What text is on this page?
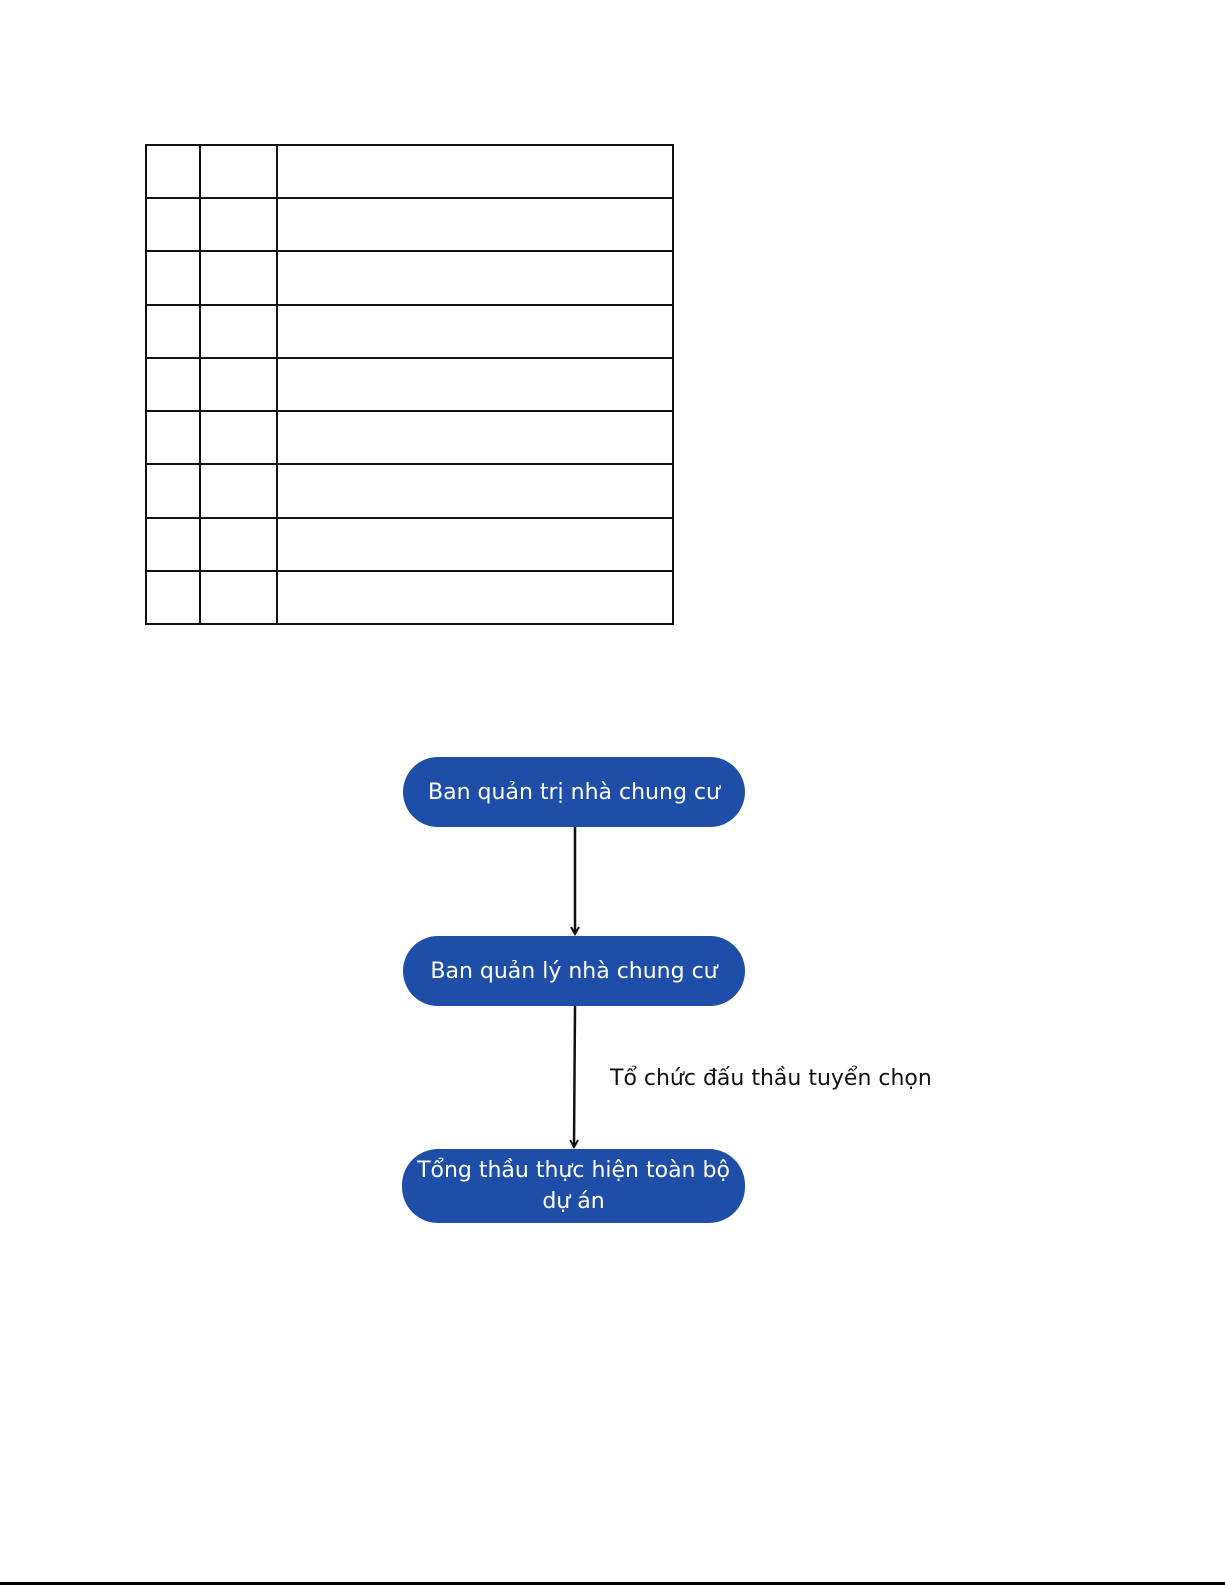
Ban quản trị nhà chung cư
Ban quản lý nhà chung cư
Tổng thầu thực hiện toàn bộ dự án
Tổ chức đấu thầu tuyển chọn
